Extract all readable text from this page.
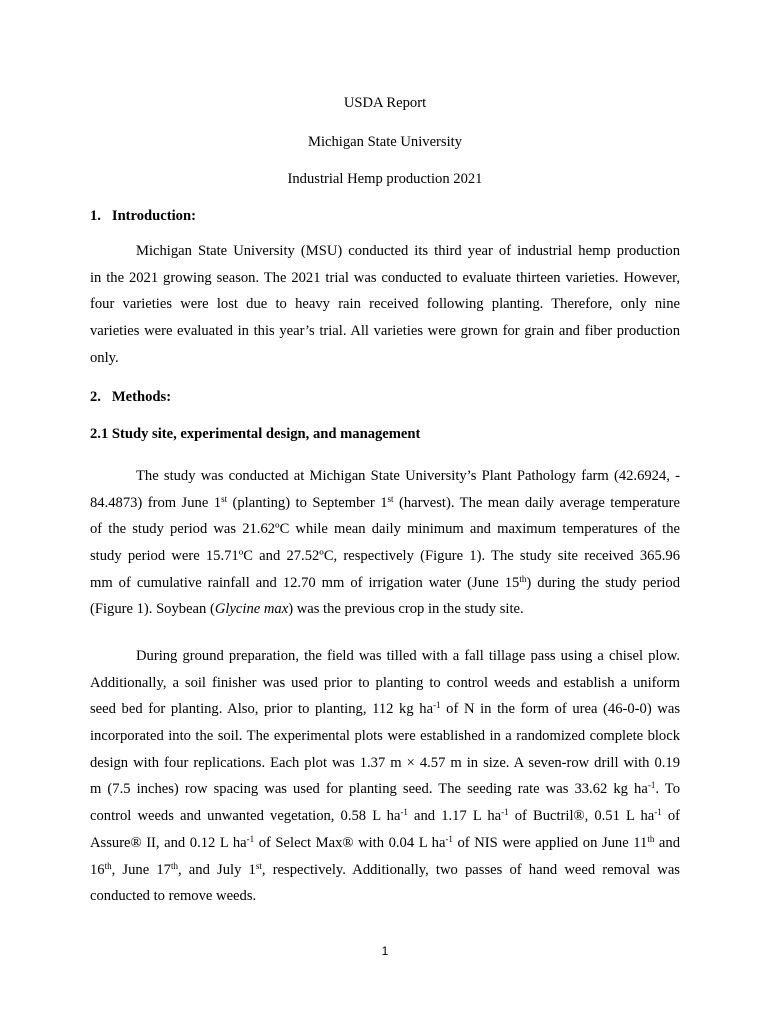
USDA Report

Michigan State University

Industrial Hemp production 2021

1.   Introduction:

Michigan State University (MSU) conducted its third year of industrial hemp production
in the 2021 growing season. The 2021 trial was conducted to evaluate thirteen varieties. However,
four varieties were lost due to heavy rain received following planting. Therefore, only nine
varieties were evaluated in this year’s trial. All varieties were grown for grain and fiber production
only.

2.   Methods:

2.1 Study site, experimental design, and management

The study was conducted at Michigan State University’s Plant Pathology farm (42.6924, -
84.4873) from June 1st (planting) to September 1st (harvest). The mean daily average temperature
of the study period was 21.62ºC while mean daily minimum and maximum temperatures of the
study period were 15.71ºC and 27.52ºC, respectively (Figure 1). The study site received 365.96
mm of cumulative rainfall and 12.70 mm of irrigation water (June 15th) during the study period
(Figure 1). Soybean (Glycine max) was the previous crop in the study site.
During ground preparation, the field was tilled with a fall tillage pass using a chisel plow.
Additionally, a soil finisher was used prior to planting to control weeds and establish a uniform
seed bed for planting. Also, prior to planting, 112 kg $ha^{-1}$ of N in the form of urea (46-0-0) was
incorporated into the soil. The experimental plots were established in a randomized complete block
design with four replications. Each plot was 1.37 m × 4.57 m in size. A seven-row drill with 0.19
m (7.5 inches) row spacing was used for planting seed. The seeding rate was 33.62 kg $ha^{-1}$. To
control weeds and unwanted vegetation, 0.58 L $ha^{-1}$ and 1.17 L $ha^{-1}$ of Buctril®, 0.51 L $ha^{-1}$ of
Assure® II, and 0.12 L $ha^{-1}$ of Select Max® with 0.04 L $ha^{-1}$ of NIS were applied on June 11th and
16th, June 17th, and July 1st, respectively. Additionally, two passes of hand weed removal was
conducted to remove weeds.
1
